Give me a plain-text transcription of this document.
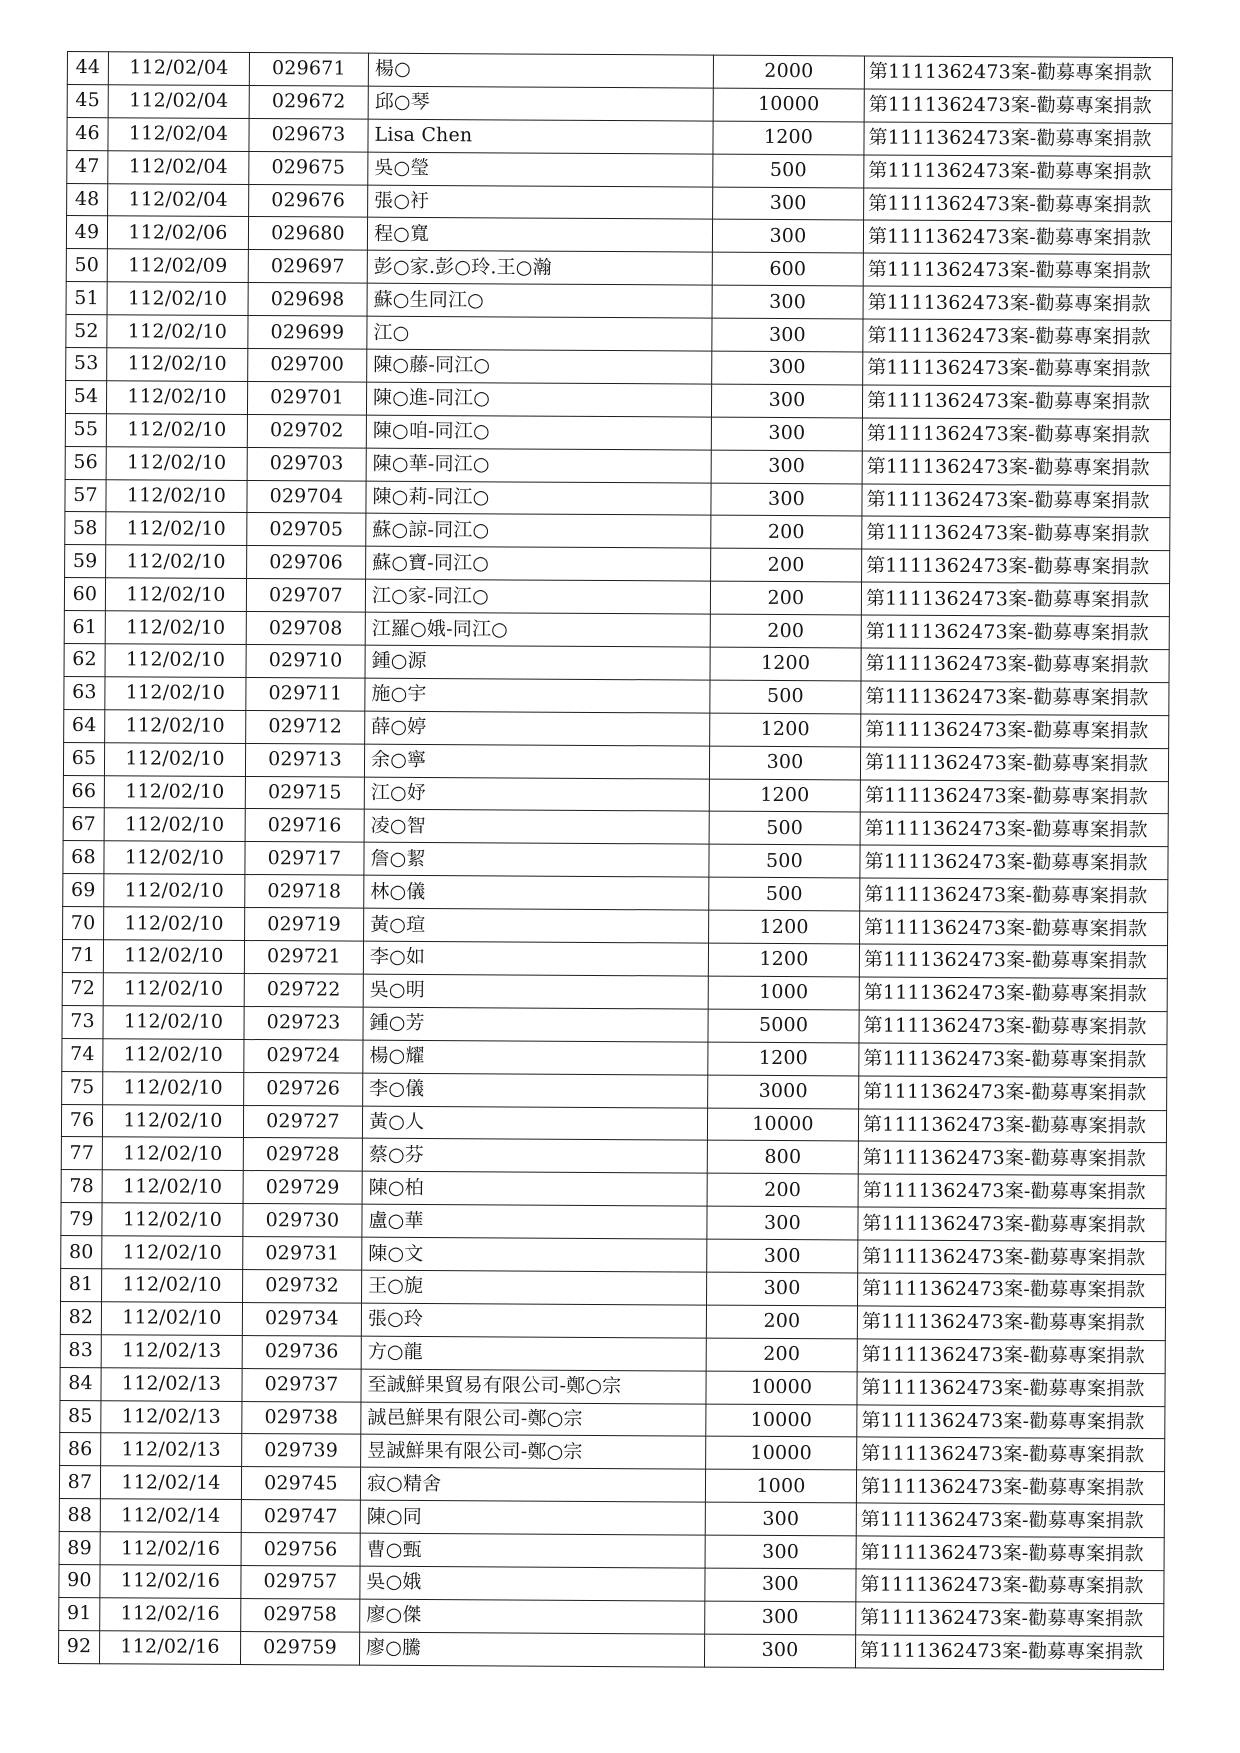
44	112/02/04	029671	楊○	2000	第1111362473案-勸募專案捐款
45	112/02/04	029672	邱○琴	10000	第1111362473案-勸募專案捐款
46	112/02/04	029673	Lisa Chen	1200	第1111362473案-勸募專案捐款
47	112/02/04	029675	吳○瑩	500	第1111362473案-勸募專案捐款
48	112/02/04	029676	張○衧	300	第1111362473案-勸募專案捐款
49	112/02/06	029680	程○寬	300	第1111362473案-勸募專案捐款
50	112/02/09	029697	彭○家.彭○玲.王○瀚	600	第1111362473案-勸募專案捐款
51	112/02/10	029698	蘇○生同江○	300	第1111362473案-勸募專案捐款
52	112/02/10	029699	江○	300	第1111362473案-勸募專案捐款
53	112/02/10	029700	陳○藤-同江○	300	第1111362473案-勸募專案捐款
54	112/02/10	029701	陳○進-同江○	300	第1111362473案-勸募專案捐款
55	112/02/10	029702	陳○咱-同江○	300	第1111362473案-勸募專案捐款
56	112/02/10	029703	陳○華-同江○	300	第1111362473案-勸募專案捐款
57	112/02/10	029704	陳○莉-同江○	300	第1111362473案-勸募專案捐款
58	112/02/10	029705	蘇○諒-同江○	200	第1111362473案-勸募專案捐款
59	112/02/10	029706	蘇○寶-同江○	200	第1111362473案-勸募專案捐款
60	112/02/10	029707	江○家-同江○	200	第1111362473案-勸募專案捐款
61	112/02/10	029708	江羅○娥-同江○	200	第1111362473案-勸募專案捐款
62	112/02/10	029710	鍾○源	1200	第1111362473案-勸募專案捐款
63	112/02/10	029711	施○宇	500	第1111362473案-勸募專案捐款
64	112/02/10	029712	薛○婷	1200	第1111362473案-勸募專案捐款
65	112/02/10	029713	余○寧	300	第1111362473案-勸募專案捐款
66	112/02/10	029715	江○妤	1200	第1111362473案-勸募專案捐款
67	112/02/10	029716	凌○智	500	第1111362473案-勸募專案捐款
68	112/02/10	029717	詹○絜	500	第1111362473案-勸募專案捐款
69	112/02/10	029718	林○儀	500	第1111362473案-勸募專案捐款
70	112/02/10	029719	黃○瑄	1200	第1111362473案-勸募專案捐款
71	112/02/10	029721	李○如	1200	第1111362473案-勸募專案捐款
72	112/02/10	029722	吳○明	1000	第1111362473案-勸募專案捐款
73	112/02/10	029723	鍾○芳	5000	第1111362473案-勸募專案捐款
74	112/02/10	029724	楊○耀	1200	第1111362473案-勸募專案捐款
75	112/02/10	029726	李○儀	3000	第1111362473案-勸募專案捐款
76	112/02/10	029727	黃○人	10000	第1111362473案-勸募專案捐款
77	112/02/10	029728	蔡○芬	800	第1111362473案-勸募專案捐款
78	112/02/10	029729	陳○柏	200	第1111362473案-勸募專案捐款
79	112/02/10	029730	盧○華	300	第1111362473案-勸募專案捐款
80	112/02/10	029731	陳○文	300	第1111362473案-勸募專案捐款
81	112/02/10	029732	王○旎	300	第1111362473案-勸募專案捐款
82	112/02/10	029734	張○玲	200	第1111362473案-勸募專案捐款
83	112/02/13	029736	方○龍	200	第1111362473案-勸募專案捐款
84	112/02/13	029737	至誠鮮果貿易有限公司-鄭○宗	10000	第1111362473案-勸募專案捐款
85	112/02/13	029738	誠邑鮮果有限公司-鄭○宗	10000	第1111362473案-勸募專案捐款
86	112/02/13	029739	昱誠鮮果有限公司-鄭○宗	10000	第1111362473案-勸募專案捐款
87	112/02/14	029745	寂○精舍	1000	第1111362473案-勸募專案捐款
88	112/02/14	029747	陳○同	300	第1111362473案-勸募專案捐款
89	112/02/16	029756	曹○甄	300	第1111362473案-勸募專案捐款
90	112/02/16	029757	吳○娥	300	第1111362473案-勸募專案捐款
91	112/02/16	029758	廖○傑	300	第1111362473案-勸募專案捐款
92	112/02/16	029759	廖○騰	300	第1111362473案-勸募專案捐款
